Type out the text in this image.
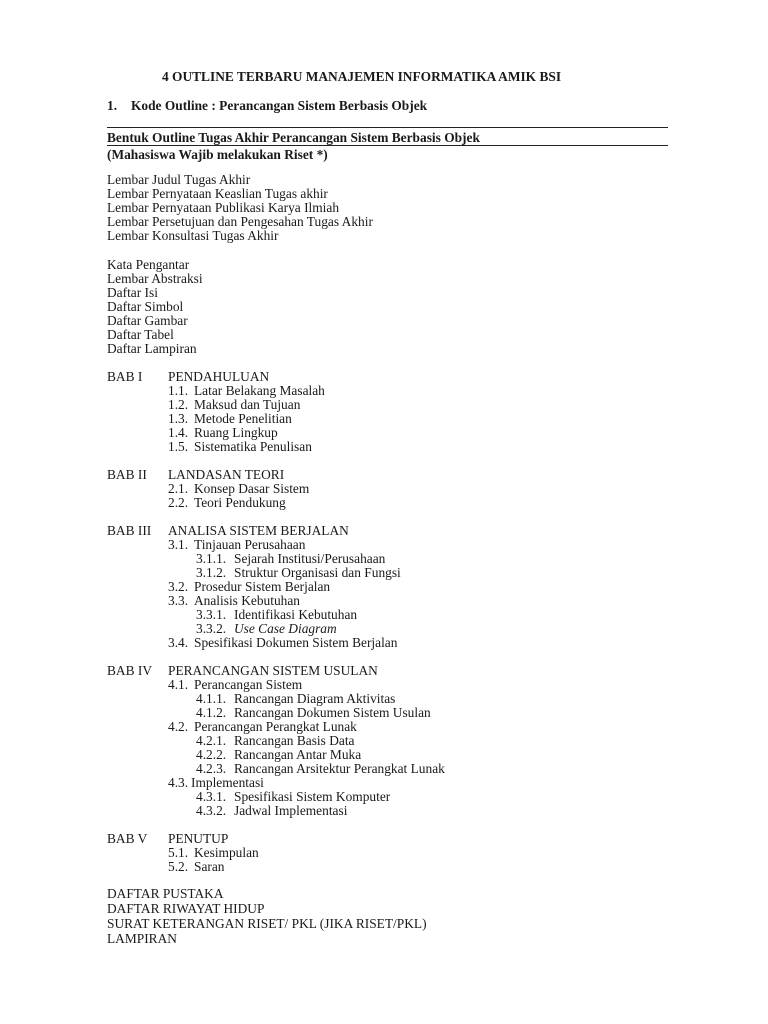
4 OUTLINE TERBARU MANAJEMEN INFORMATIKA AMIK BSI
1. Kode Outline : Perancangan Sistem Berbasis Objek
Bentuk Outline Tugas Akhir Perancangan Sistem Berbasis Objek
(Mahasiswa Wajib melakukan Riset *)
Lembar Judul Tugas Akhir
Lembar Pernyataan Keaslian Tugas akhir
Lembar Pernyataan Publikasi Karya Ilmiah
Lembar Persetujuan dan Pengesahan Tugas Akhir
Lembar Konsultasi Tugas Akhir
Kata Pengantar
Lembar Abstraksi
Daftar Isi
Daftar Simbol
Daftar Gambar
Daftar Tabel
Daftar Lampiran
BAB I PENDAHULUAN
1.1. Latar Belakang Masalah
1.2. Maksud dan Tujuan
1.3. Metode Penelitian
1.4. Ruang Lingkup
1.5. Sistematika Penulisan
BAB II LANDASAN TEORI
2.1. Konsep Dasar Sistem
2.2. Teori Pendukung
BAB III ANALISA SISTEM BERJALAN
3.1. Tinjauan Perusahaan
3.1.1. Sejarah Institusi/Perusahaan
3.1.2. Struktur Organisasi dan Fungsi
3.2. Prosedur Sistem Berjalan
3.3. Analisis Kebutuhan
3.3.1. Identifikasi Kebutuhan
3.3.2. Use Case Diagram
3.4. Spesifikasi Dokumen Sistem Berjalan
BAB IV PERANCANGAN SISTEM USULAN
4.1. Perancangan Sistem
4.1.1. Rancangan Diagram Aktivitas
4.1.2. Rancangan Dokumen Sistem Usulan
4.2. Perancangan Perangkat Lunak
4.2.1. Rancangan Basis Data
4.2.2. Rancangan Antar Muka
4.2.3. Rancangan Arsitektur Perangkat Lunak
4.3. Implementasi
4.3.1. Spesifikasi Sistem Komputer
4.3.2. Jadwal Implementasi
BAB V PENUTUP
5.1. Kesimpulan
5.2. Saran
DAFTAR PUSTAKA
DAFTAR RIWAYAT HIDUP
SURAT KETERANGAN RISET/ PKL (JIKA RISET/PKL)
LAMPIRAN
